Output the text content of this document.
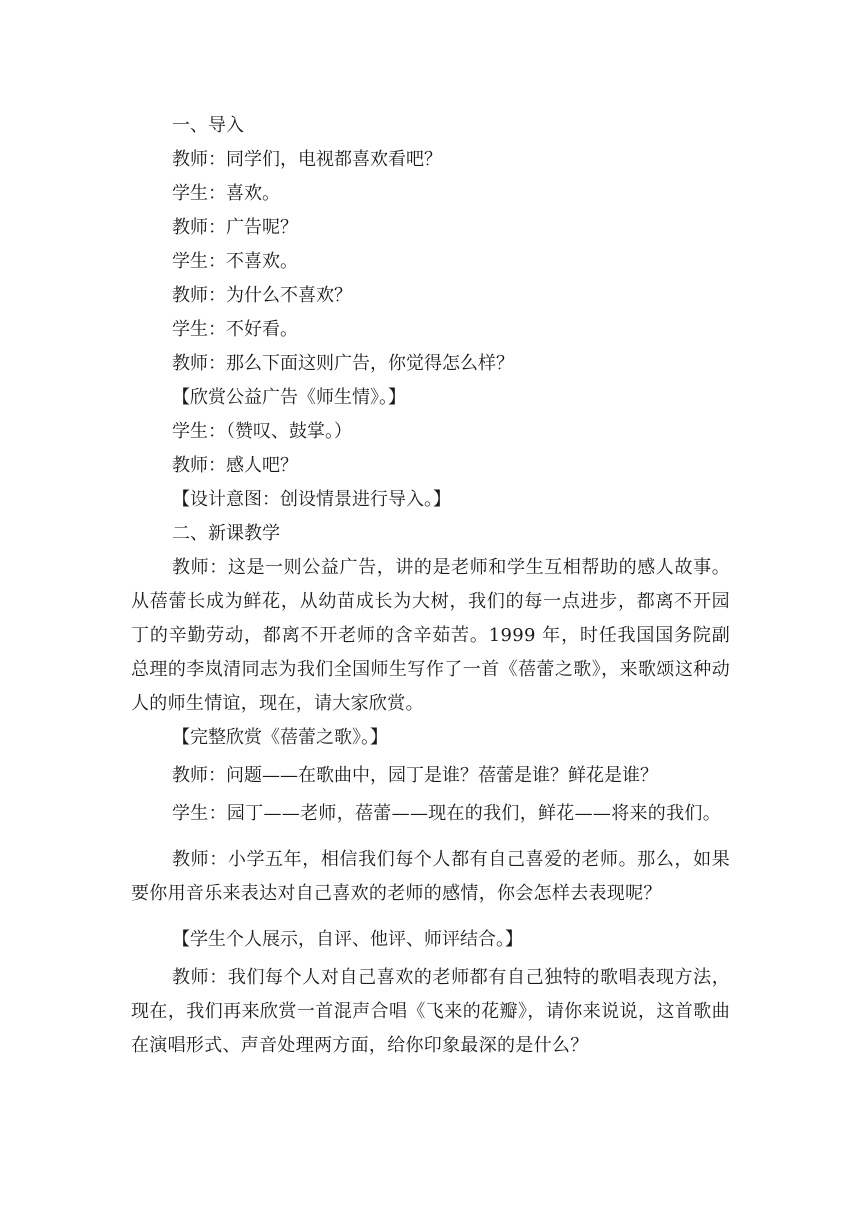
一、导入
教师：同学们，电视都喜欢看吧？
学生：喜欢。
教师：广告呢？
学生：不喜欢。
教师：为什么不喜欢？
学生：不好看。
教师：那么下面这则广告，你觉得怎么样？
【欣赏公益广告《师生情》。】
学生：（赞叹、鼓掌。）
教师：感人吧？
【设计意图：创设情景进行导入。】
二、新课教学
教师：这是一则公益广告，讲的是老师和学生互相帮助的感人故事。从蓓蕾长成为鲜花，从幼苗成长为大树，我们的每一点进步，都离不开园丁的辛勤劳动，都离不开老师的含辛茹苦。1999 年，时任我国国务院副总理的李岚清同志为我们全国师生写作了一首《蓓蕾之歌》，来歌颂这种动人的师生情谊，现在，请大家欣赏。
【完整欣赏《蓓蕾之歌》。】
教师：问题——在歌曲中，园丁是谁？蓓蕾是谁？鲜花是谁？
学生：园丁——老师，蓓蕾——现在的我们，鲜花——将来的我们。
教师：小学五年，相信我们每个人都有自己喜爱的老师。那么，如果要你用音乐来表达对自己喜欢的老师的感情，你会怎样去表现呢？
【学生个人展示，自评、他评、师评结合。】
教师：我们每个人对自己喜欢的老师都有自己独特的歌唱表现方法，现在，我们再来欣赏一首混声合唱《飞来的花瓣》，请你来说说，这首歌曲在演唱形式、声音处理两方面，给你印象最深的是什么？
